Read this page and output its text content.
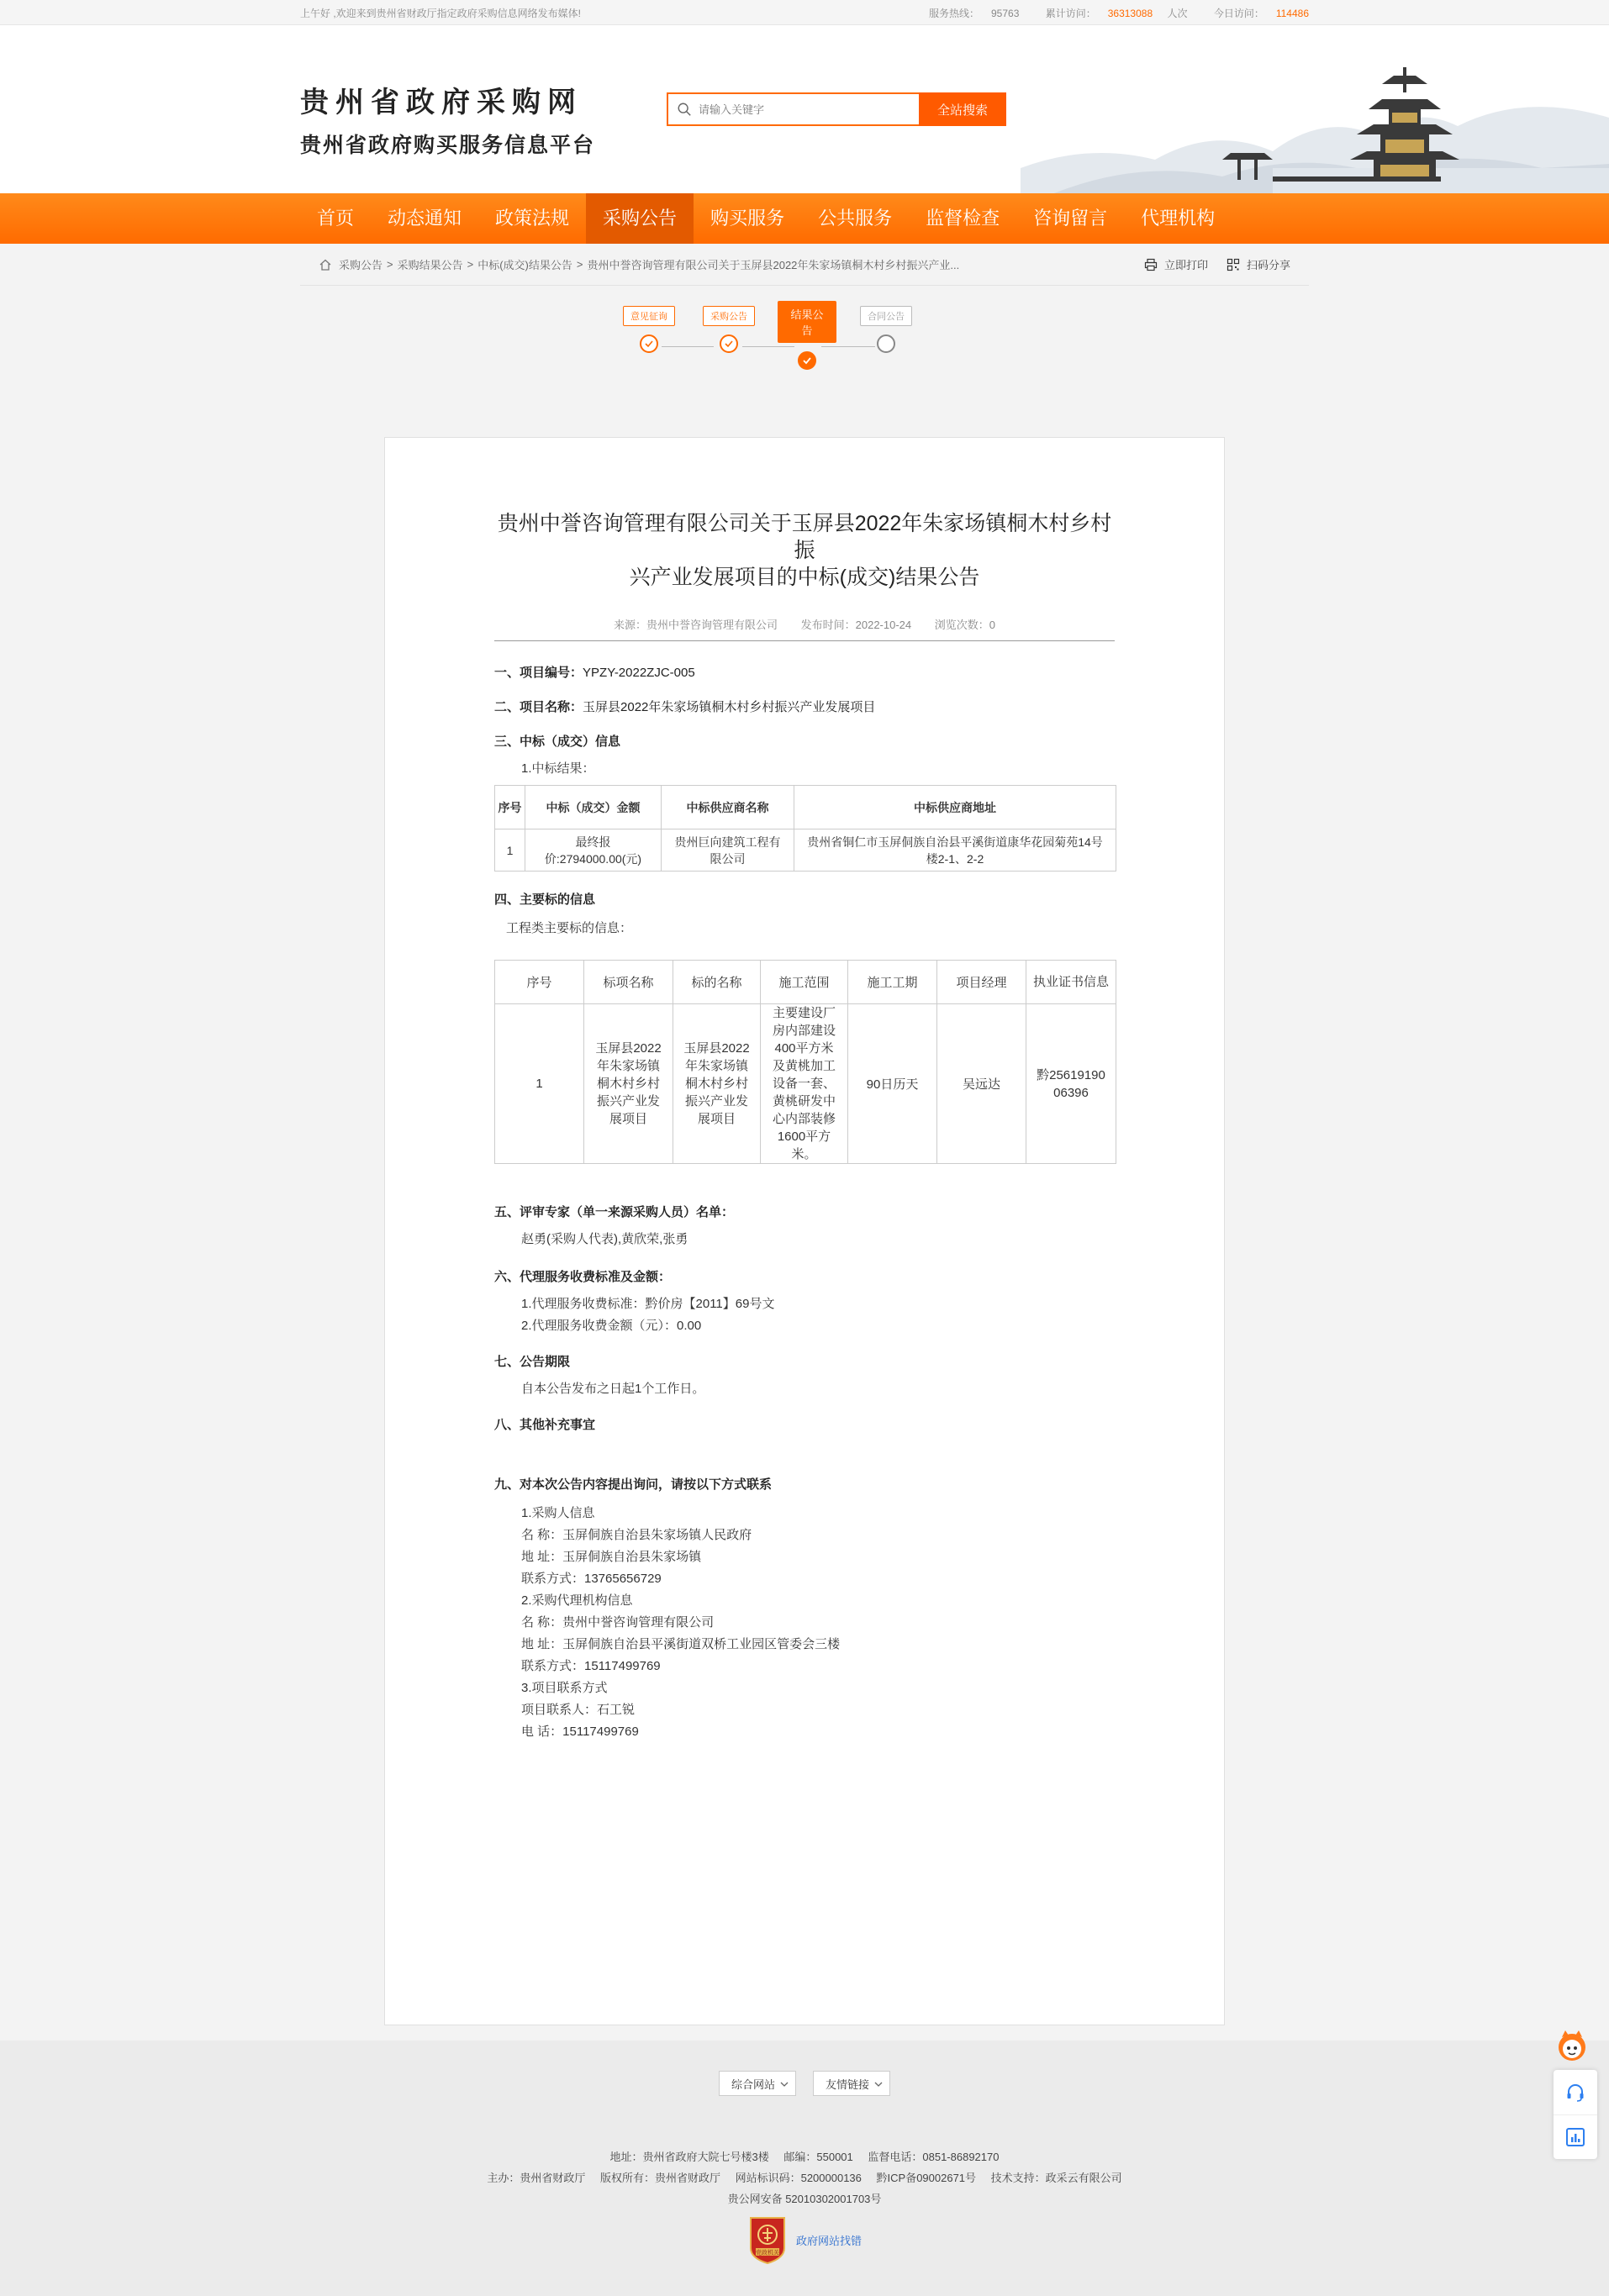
上午好 ,欢迎来到贵州省财政厅指定政府采购信息网络发布媒体!	服务热线： 95763	累计访问： 36313088 人次	今日访问： 114486
贵州省政府采购网
贵州省政府购买服务信息平台
请输入关键字
全站搜索
首页	动态通知	政策法规	采购公告	购买服务	公共服务	监督检查	咨询留言	代理机构
采购公告 > 采购结果公告 > 中标(成交)结果公告 > 贵州中誉咨询管理有限公司关于玉屏县2022年朱家场镇桐木村乡村振兴产业...	立即打印	扫码分享
意见征询	采购公告	结果公告
合同公告
贵州中誉咨询管理有限公司关于玉屏县2022年朱家场镇桐木村乡村振
兴产业发展项目的中标(成交)结果公告
来源：贵州中誉咨询管理有限公司 发布时间：2022-10-24 浏览次数：0
一、项目编号：YPZY-2022ZJC-005
二、项目名称：玉屏县2022年朱家场镇桐木村乡村振兴产业发展项目
三、中标（成交）信息
1.中标结果：
序号	中标（成交）金额	中标供应商名称	中标供应商地址
1	最终报价:2794000.00(元)	贵州巨向建筑工程有限公司	贵州省铜仁市玉屏侗族自治县平溪街道康华花园菊苑14号楼2-1、2-2
四、主要标的信息
工程类主要标的信息：
序号	标项名称	标的名称	施工范围	施工工期	项目经理	执业证书信息
1	玉屏县2022年朱家场镇桐木村乡村振兴产业发展项目	玉屏县2022年朱家场镇桐木村乡村振兴产业发展项目	主要建设厂房内部建设400平方米及黄桃加工设备一套、黄桃研发中心内部装修1600平方米。	90日历天	吴远达	黔2561919006396
五、评审专家（单一来源采购人员）名单：
赵勇(采购人代表),黄欣荣,张勇
六、代理服务收费标准及金额：
1.代理服务收费标准：黔价房【2011】69号文
2.代理服务收费金额（元）：0.00
七、公告期限
自本公告发布之日起1个工作日。
八、其他补充事宜
九、对本次公告内容提出询问，请按以下方式联系
1.采购人信息
名 称：玉屏侗族自治县朱家场镇人民政府
地 址：玉屏侗族自治县朱家场镇
联系方式：13765656729
2.采购代理机构信息
名 称：贵州中誉咨询管理有限公司
地 址：玉屏侗族自治县平溪街道双桥工业园区管委会三楼
联系方式：15117499769
3.项目联系方式
项目联系人：石工锐
电 话：15117499769
综合网站	友情链接
地址：贵州省政府大院七号楼3楼 邮编：550001 监督电话：0851-86892170
主办：贵州省财政厅 版权所有：贵州省财政厅 网站标识码：5200000136 黔ICP备09002671号 技术支持：政采云有限公司
贵公网安备 52010302001703号
党政机关
政府网站找错
